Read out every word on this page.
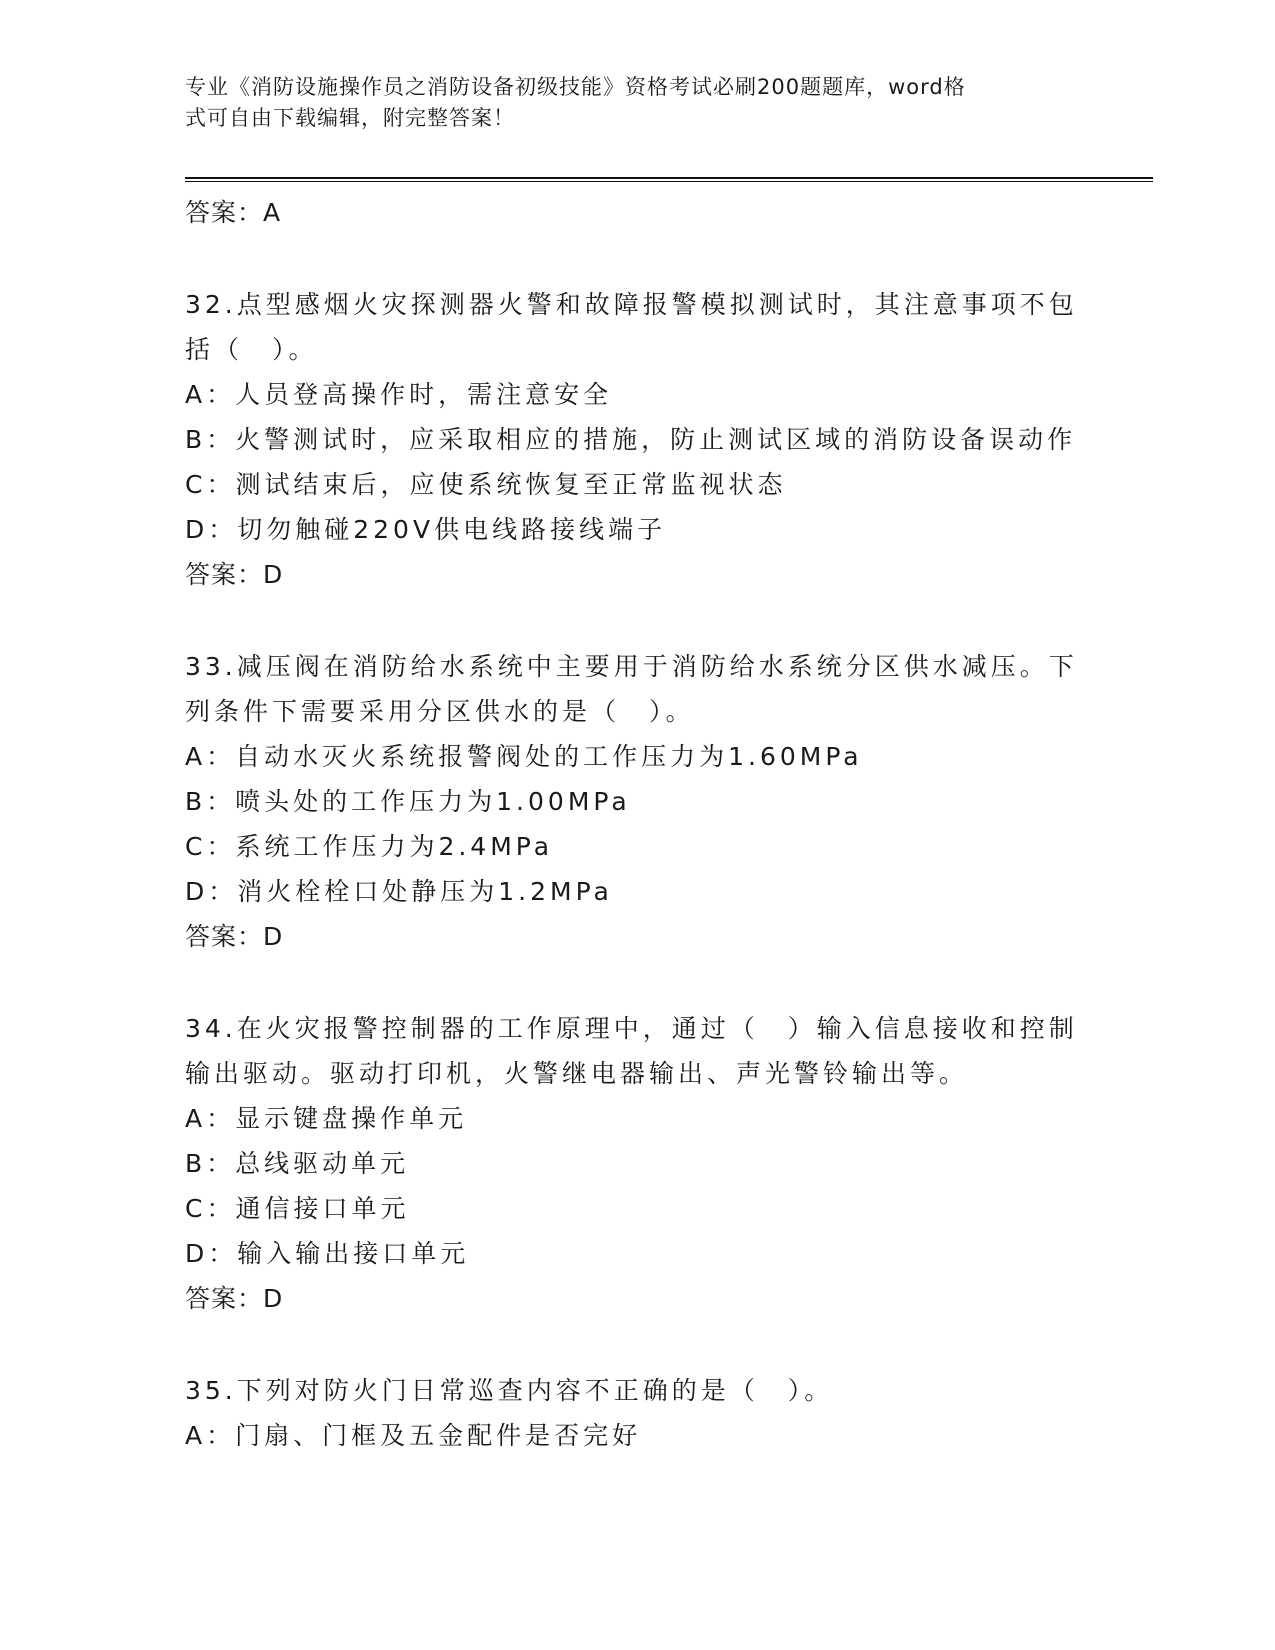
专业《消防设施操作员之消防设备初级技能》资格考试必刷200题题库，word格
式可自由下载编辑，附完整答案！
答案：A
32.点型感烟火灾探测器火警和故障报警模拟测试时，其注意事项不包
括（　）。
A：人员登高操作时，需注意安全
B：火警测试时，应采取相应的措施，防止测试区域的消防设备误动作
C：测试结束后，应使系统恢复至正常监视状态
D：切勿触碰220V供电线路接线端子
答案：D
33.减压阀在消防给水系统中主要用于消防给水系统分区供水减压。下
列条件下需要采用分区供水的是（　）。
A：自动水灭火系统报警阀处的工作压力为1.60MPa
B：喷头处的工作压力为1.00MPa
C：系统工作压力为2.4MPa
D：消火栓栓口处静压为1.2MPa
答案：D
34.在火灾报警控制器的工作原理中，通过（　）输入信息接收和控制
输出驱动。驱动打印机，火警继电器输出、声光警铃输出等。
A：显示键盘操作单元
B：总线驱动单元
C：通信接口单元
D：输入输出接口单元
答案：D
35.下列对防火门日常巡查内容不正确的是（　）。
A：门扇、门框及五金配件是否完好
